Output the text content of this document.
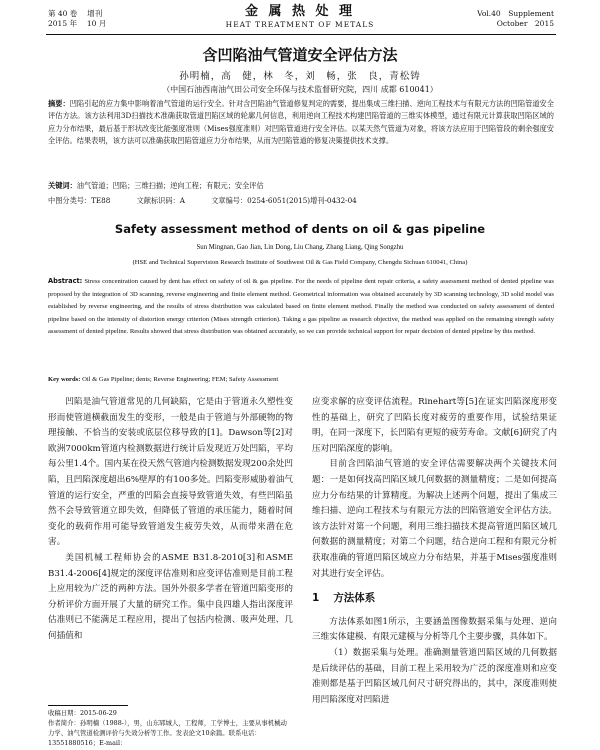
第 40 卷　 增刊
2015 年　 10 月
金 属 热 处 理
HEAT TREATMENT OF METALS
Vol.40　Supplement
October　2015
含凹陷油气管道安全评估方法
孙明楠，高　健，林　冬，刘　畅，张　良，青松铸
（中国石油西南油气田公司安全环保与技术监督研究院，四川 成都 610041）
摘要：凹陷引起的应力集中影响着油气管道的运行安全。针对含凹陷油气管道修复判定的需要，提出集成三维扫描、逆向工程技术与有限元方法的凹陷管道安全评估方法。该方法利用3D扫描技术准确获取管道凹陷区域的轮廓几何信息，利用逆向工程技术构建凹陷管道的三维实体模型，通过有限元计算获取凹陷区域的应力分布结果，最后基于形状改变比能强度准则（Mises强度准则）对凹陷管道进行安全评估。以某天然气管道为对象，将该方法应用于凹陷管段的剩余强度安全评估。结果表明，该方法可以准确获取凹陷管道应力分布结果，从而为凹陷管道的修复决策提供技术支撑。
关键词：油气管道；凹陷；三维扫描；逆向工程；有限元；安全评估
中图分类号：TE88	文献标识码：A	文章编号：0254-6051(2015)增刊-0432-04
Safety assessment method of dents on oil & gas pipeline
Sun Mingnan, Gao Jian, Lin Dong, Liu Chang, Zhang Liang, Qing Songzhu
(HSE and Technical Supervision Research Institute of Southwest Oil & Gas Field Company, Chengdu Sichuan 610041, China)
Abstract: Stress concentration caused by dent has effect on safety of oil & gas pipeline. For the needs of pipeline dent repair criteria, a safety assessment method of dented pipeline was proposed by the integration of 3D scanning, reverse engineering and finite element method. Geometrical information was obtained accurately by 3D scanning technology, 3D solid model was established by reverse engineering, and the results of stress distribution was calculated based on finite element method. Finally the method was conducted on safety assessment of dented pipeline based on the intensity of distortion energy criterion (Mises strength criterion). Taking a gas pipeline as research objective, the method was applied on the remaining strength safety assessment of dented pipeline. Results showed that stress distribution was obtained accurately, so we can provide technical support for repair decision of dented pipeline by this method.
Key words: Oil & Gas Pipeline; dents; Reverse Engineering; FEM; Safety Assessment

凹陷是油气管道常见的几何缺陷，它是由于管道永久塑性变形而使管道横截面发生的变形，一般是由于管道与外部硬物的物理接触、不恰当的安装或底层位移导致的[1]。Dawson等[2]对欧洲7000km管道内检测数据进行统计后发现近万处凹陷，平均每公里1.4个。国内某在役天然气管道内检测数据发现200余处凹陷，且凹陷深度超出6%壁厚的有100多处。凹陷变形威胁着油气管道的运行安全，严重的凹陷会直接导致管道失效，有些凹陷虽然不会导致管道立即失效，但降低了管道的承压能力，随着时间变化的载荷作用可能导致管道发生疲劳失效，从而带来潜在危害。

美国机械工程师协会的ASME B31.8-2010[3]和ASME B31.4-2006[4]规定的深度评估准则和应变评估准则是目前工程上应用较为广泛的两种方法。国外外很多学者在管道凹陷变形的分析评价方面开展了大量的研究工作。集中良四雄人指出深度评估准则已不能满足工程应用，提出了包括内检测、吸声处理、几何插值和

应变求解的应变评估流程。Rinehart等[5]在证实凹陷深度形变性的基础上，研究了凹陷长度对疲劳的重要作用，试验结果证明，在同一深度下，长凹陷有更短的疲劳寿命。文献[6]研究了内压对凹陷深度的影响。

目前含凹陷油气管道的安全评估需要解决两个关键技术问题：一是如何找高凹陷区域几何数据的测量精度；二是如何提高应力分布结果的计算精度。为解决上述两个问题，提出了集成三维扫描、逆向工程技术与有限元方法的凹陷管道安全评估方法。该方法针对第一个问题，利用三维扫描技术提高管道凹陷区域几何数据的测量精度；对第二个问题，结合逆向工程和有限元分析获取准确的管道凹陷区域应力分布结果，并基于Mises强度准则对其进行安全评估。

1 方法体系

方法体系如图1所示，主要涵盖图像数据采集与处理、逆向三维实体建模、有限元建模与分析等几个主要步骤，具体如下。

（1）数据采集与处理。准确测量管道凹陷区域的几何数据是后续评估的基础，目前工程上采用较为广泛的深度准则和应变准则都是基于凹陷区域几何尺寸研究得出的，其中，深度准则使用凹陷深度对凹陷进

收稿日期：2015-06-29
作者简介：孙明楠（1988-），男，山东郓城人，工程师，工学博士，主要从事机械动力学、油气管道检测评价与失效分析等工作。发表论文10余篇。联系电话：13551880516；E-mail：
